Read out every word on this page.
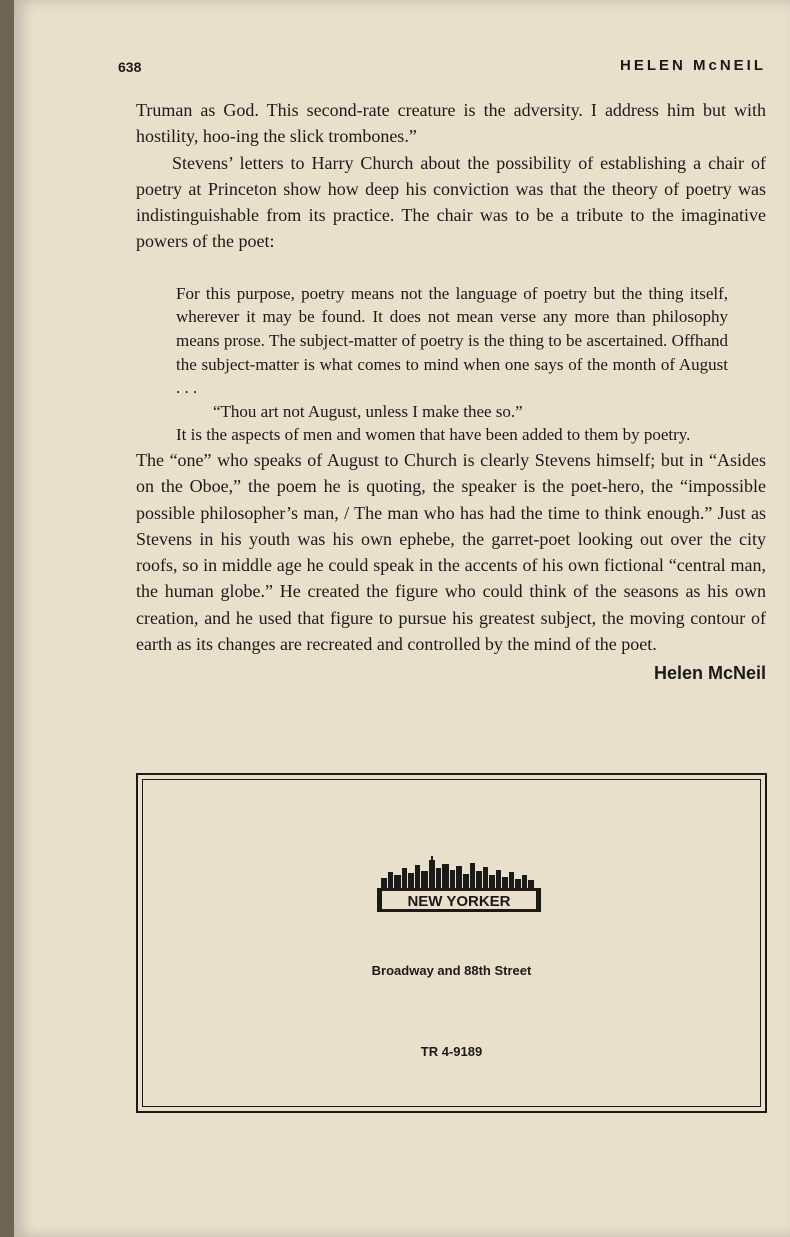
638	HELEN McNEIL

Truman as God. This second-rate creature is the adversity. I address him but with hostility, hoo-ing the slick trombones.”

Stevens’ letters to Harry Church about the possibility of establishing a chair of poetry at Princeton show how deep his conviction was that the theory of poetry was indistinguishable from its practice. The chair was to be a tribute to the imaginative powers of the poet:

For this purpose, poetry means not the language of poetry but the thing itself, wherever it may be found. It does not mean verse any more than philosophy means prose. The subject-matter of poetry is the thing to be ascertained. Offhand the subject-matter is what comes to mind when one says of the month of August . . .

“Thou art not August, unless I make thee so.”

It is the aspects of men and women that have been added to them by poetry.

The “one” who speaks of August to Church is clearly Stevens himself; but in “Asides on the Oboe,” the poem he is quoting, the speaker is the poet-hero, the “impossible possible philosopher’s man, / The man who has had the time to think enough.” Just as Stevens in his youth was his own ephebe, the garret-poet looking out over the city roofs, so in middle age he could speak in the accents of his own fictional “central man, the human globe.” He created the figure who could think of the seasons as his own creation, and he used that figure to pursue his greatest subject, the moving contour of earth as its changes are recreated and controlled by the mind of the poet.

Helen McNeil
NEW YORKER
Broadway and 88th Street
TR 4-9189
